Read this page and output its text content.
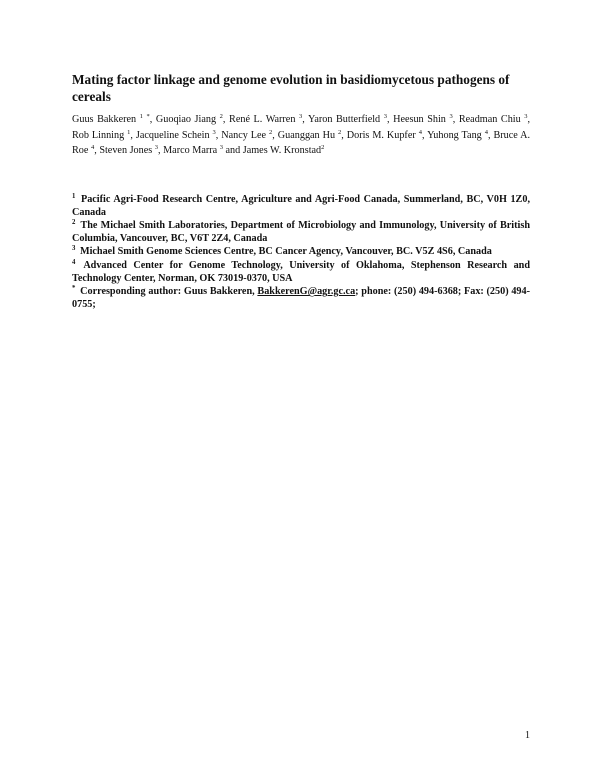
Mating factor linkage and genome evolution in basidiomycetous pathogens of cereals

Guus Bakkeren $^1$ *, Guoqiao Jiang $^2$, René L. Warren $^3$, Yaron Butterfield $^3$, Heesun Shin $^3$, Readman Chiu $^3$, Rob Linning $^1$, Jacqueline Schein $^3$, Nancy Lee $^2$, Guanggan Hu $^2$, Doris M. Kupfer $^4$, Yuhong Tang $^4$, Bruce A. Roe $^4$, Steven Jones $^3$, Marco Marra $^3$ and James W. Kronstad$^2$

$^1$ Pacific Agri-Food Research Centre, Agriculture and Agri-Food Canada, Summerland, BC, V0H 1Z0, Canada

$^2$ The Michael Smith Laboratories, Department of Microbiology and Immunology, University of British Columbia, Vancouver, BC, V6T 2Z4, Canada

$^3$ Michael Smith Genome Sciences Centre, BC Cancer Agency, Vancouver, BC. V5Z 4S6, Canada

$^4$ Advanced Center for Genome Technology, University of Oklahoma, Stephenson Research and Technology Center, Norman, OK 73019-0370, USA

* Corresponding author: Guus Bakkeren, BakkerenG@agr.gc.ca; phone: (250) 494-6368; Fax: (250) 494-0755;

1
